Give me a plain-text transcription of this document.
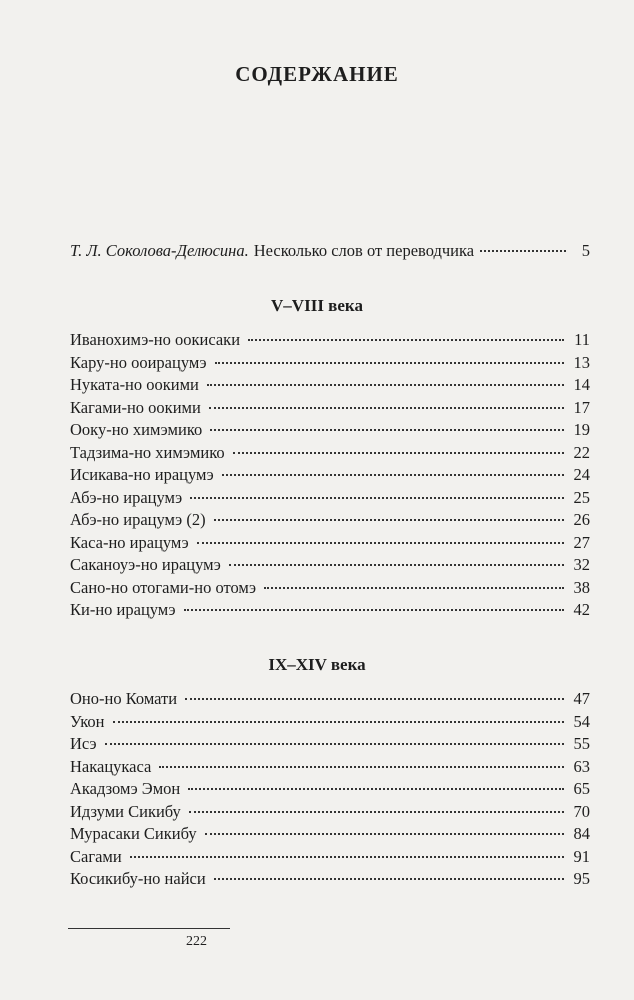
СОДЕРЖАНИЕ
Т. Л. Соколова-Делюсина. Несколько слов от переводчика	5
V–VIII века
Иванохимэ-но оокисаки	11
Кару-но ооирацумэ	13
Нуката-но оокими	14
Кагами-но оокими	17
Ооку-но химэмико	19
Тадзима-но химэмико	22
Исикава-но ирацумэ	24
Абэ-но ирацумэ	25
Абэ-но ирацумэ (2)	26
Каса-но ирацумэ	27
Саканоуэ-но ирацумэ	32
Сано-но отогами-но отомэ	38
Ки-но ирацумэ	42
IX–XIV века
Оно-но Комати	47
Укон	54
Исэ	55
Накацукаса	63
Акадзомэ Эмон	65
Идзуми Сикибу	70
Мурасаки Сикибу	84
Сагами	91
Косикибу-но найси	95
222
